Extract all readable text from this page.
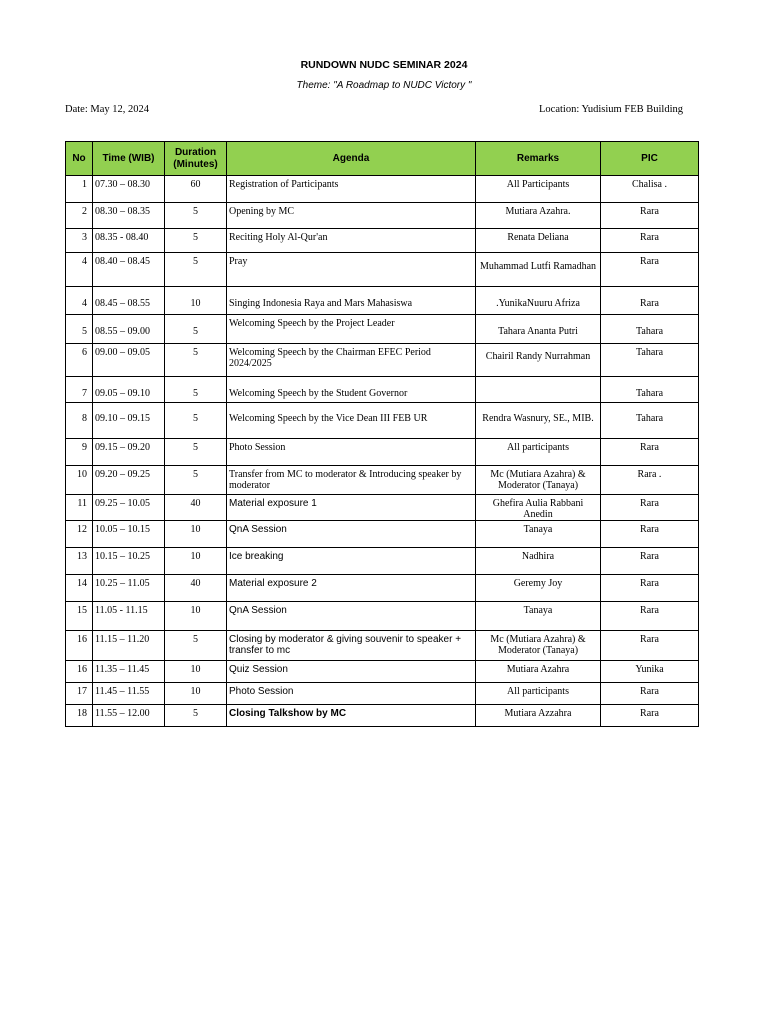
RUNDOWN NUDC SEMINAR 2024
Theme: "A Roadmap to NUDC Victory "
Date: May 12, 2024	Location: Yudisium FEB Building
No	Time (WIB)	Duration (Minutes)	Agenda	Remarks	PIC
1	07.30 – 08.30	60	Registration of Participants	All Participants	Chalisa .
2	08.30 – 08.35	5	Opening by MC	Mutiara Azahra.	Rara
3	08.35 - 08.40	5	Reciting Holy Al-Qur'an	Renata Deliana	Rara
4	08.40 – 08.45	5	Pray	Muhammad Lutfi Ramadhan	Rara
4	08.45 – 08.55	10	Singing Indonesia Raya and Mars Mahasiswa	.YunikaNuuru Afriza	Rara
5	08.55 – 09.00	5	Welcoming Speech by the Project Leader	Tahara Ananta Putri	Tahara
6	09.00 – 09.05	5	Welcoming Speech by the Chairman EFEC Period 2024/2025	Chairil Randy Nurrahman	Tahara
7	09.05 – 09.10	5	Welcoming Speech by the Student Governor		Tahara
8	09.10 – 09.15	5	Welcoming Speech by the Vice Dean III FEB UR	Rendra Wasnury, SE., MIB.	Tahara
9	09.15 – 09.20	5	Photo Session	All participants	Rara
10	09.20 – 09.25	5	Transfer from MC to moderator & Introducing speaker by moderator	Mc (Mutiara Azahra) & Moderator (Tanaya)	Rara .
11	09.25 – 10.05	40	Material exposure 1	Ghefira Aulia Rabbani Anedin	Rara
12	10.05 – 10.15	10	QnA Session	Tanaya	Rara
13	10.15 – 10.25	10	Ice breaking	Nadhira	Rara
14	10.25 – 11.05	40	Material exposure 2	Geremy Joy	Rara
15	11.05 - 11.15	10	QnA Session	Tanaya	Rara
16	11.15 – 11.20	5	Closing by moderator & giving souvenir to speaker + transfer to mc	Mc (Mutiara Azahra) & Moderator (Tanaya)	Rara
16	11.35 – 11.45	10	Quiz Session	Mutiara Azahra	Yunika
17	11.45 – 11.55	10	Photo Session	All participants	Rara
18	11.55 – 12.00	5	Closing Talkshow by MC	Mutiara Azzahra	Rara
